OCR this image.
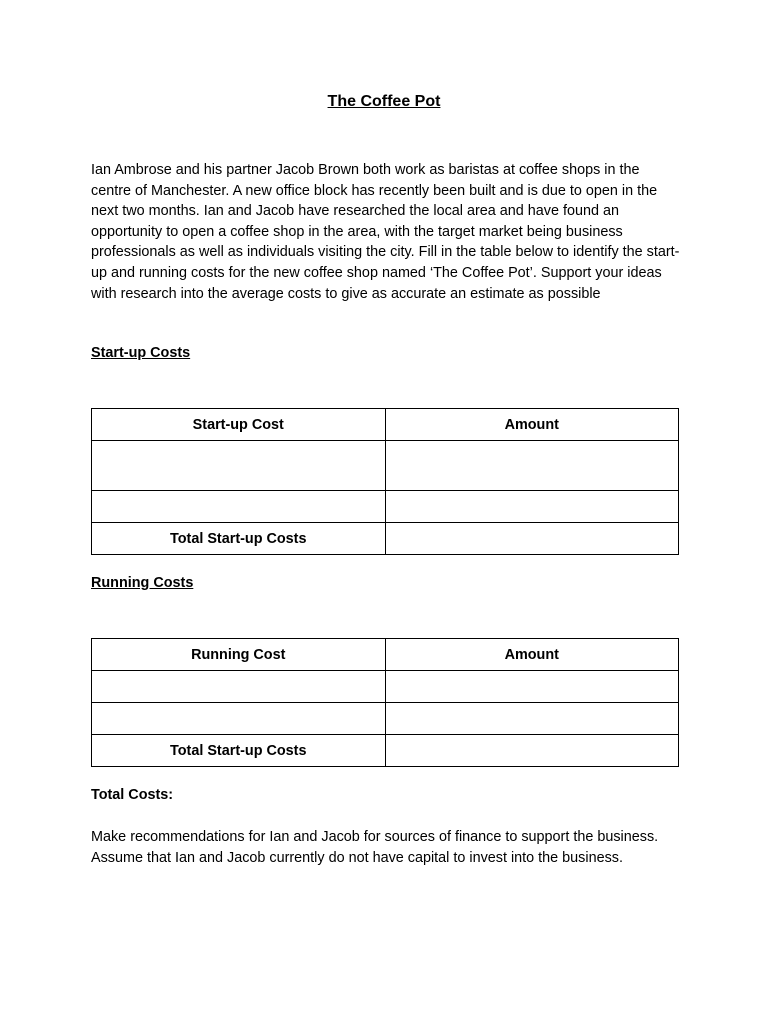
The Coffee Pot

Ian Ambrose and his partner Jacob Brown both work as baristas at coffee shops in the centre of Manchester. A new office block has recently been built and is due to open in the next two months. Ian and Jacob have researched the local area and have found an opportunity to open a coffee shop in the area, with the target market being business professionals as well as individuals visiting the city. Fill in the table below to identify the start-up and running costs for the new coffee shop named ‘The Coffee Pot’. Support your ideas with research into the average costs to give as accurate an estimate as possible

Start-up Costs

Start-up Cost	Amount

Total Start-up Costs	

Running Costs

Running Cost	Amount

Total Start-up Costs	

Total Costs:

Make recommendations for Ian and Jacob for sources of finance to support the business. Assume that Ian and Jacob currently do not have capital to invest into the business.
